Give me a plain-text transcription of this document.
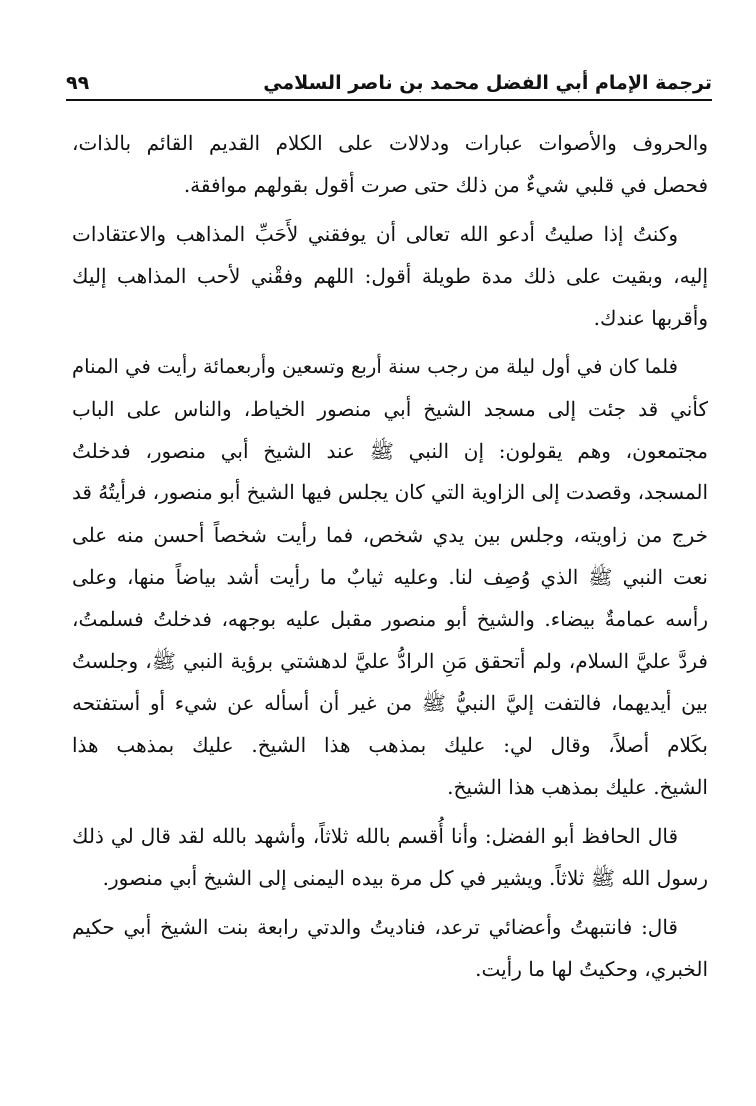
ترجمة الإمام أبي الفضل محمد بن ناصر السلامي
٩٩
والحروف والأصوات عبارات ودلالات على الكلام القديم القائم بالذات،
فحصل في قلبي شيءٌ من ذلك حتى صرت أقول بقولهم موافقة.
وكنتُ إذا صليتُ أدعو الله تعالى أن يوفقني لأَحَبِّ المذاهب والاعتقادات
إليه، وبقيت على ذلك مدة طويلة أقول: اللهم وفقْني لأحب المذاهب إليك
وأقربها عندك.
فلما كان في أول ليلة من رجب سنة أربع وتسعين وأربعمائة رأيت في المنام
كأني قد جئت إلى مسجد الشيخ أبي منصور الخياط، والناس على الباب
مجتمعون، وهم يقولون: إن النبي ﷺ عند الشيخ أبي منصور، فدخلتُ
المسجد، وقصدت إلى الزاوية التي كان يجلس فيها الشيخ أبو منصور، فرأيتُهُ قد
خرج من زاويته، وجلس بين يدي شخص، فما رأيت شخصاً أحسن منه على
نعت النبي ﷺ الذي وُصِف لنا. وعليه ثيابٌ ما رأيت أشد بياضاً منها، وعلى
رأسه عمامةٌ بيضاء. والشيخ أبو منصور مقبل عليه بوجهه، فدخلتُ فسلمتُ،
فردَّ عليَّ السلام، ولم أتحقق مَنِ الرادُّ عليَّ لدهشتي برؤية النبي ﷺ، وجلستُ
بين أيديهما، فالتفت إليَّ النبيُّ ﷺ من غير أن أسأله عن شيء أو أستفتحه
بكَلام أصلاً، وقال لي: عليك بمذهب هذا الشيخ. عليك بمذهب هذا
الشيخ. عليك بمذهب هذا الشيخ.
قال الحافظ أبو الفضل: وأنا أُقسم بالله ثلاثاً، وأشهد بالله لقد قال لي ذلك
رسول الله ﷺ ثلاثاً. ويشير في كل مرة بيده اليمنى إلى الشيخ أبي منصور.
قال: فانتبهتُ وأعضائي ترعد، فناديتُ والدتي رابعة بنت الشيخ أبي حكيم
الخبري، وحكيتُ لها ما رأيت.
